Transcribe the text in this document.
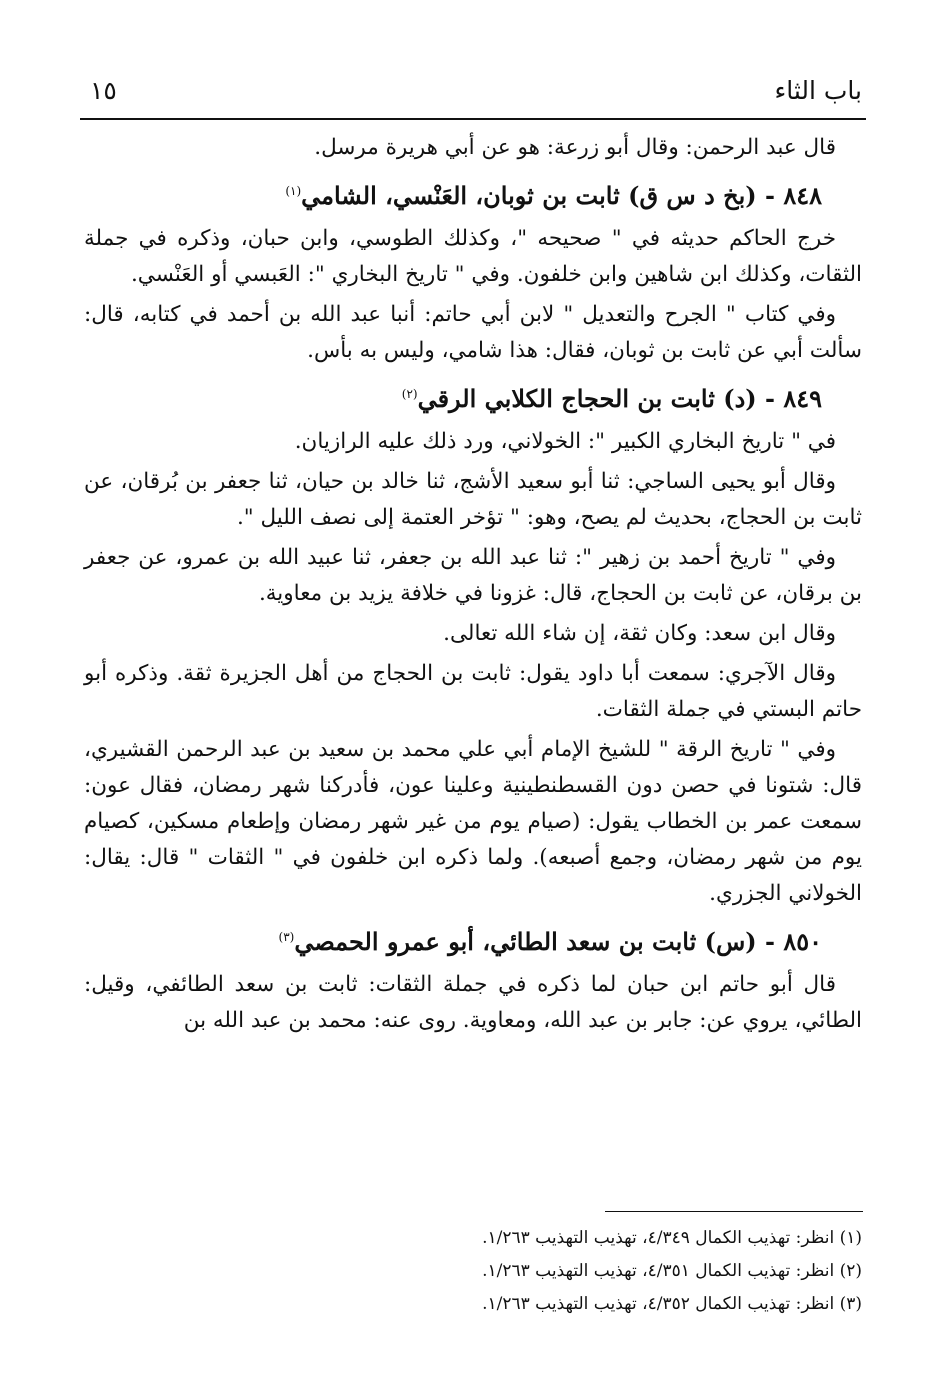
باب الثاء
١٥

قال عبد الرحمن: وقال أبو زرعة: هو عن أبي هريرة مرسل.

٨٤٨ - (بخ د س ق) ثابت بن ثوبان، العَنْسي، الشامي$^{(١)}$

خرج الحاكم حديثه في " صحيحه "، وكذلك الطوسي، وابن حبان، وذكره في جملة الثقات، وكذلك ابن شاهين وابن خلفون. وفي " تاريخ البخاري ": العَبسي أو العَنْسي.

وفي كتاب " الجرح والتعديل " لابن أبي حاتم: أنبا عبد الله بن أحمد في كتابه، قال: سألت أبي عن ثابت بن ثوبان، فقال: هذا شامي، وليس به بأس.

٨٤٩ - (د) ثابت بن الحجاج الكلابي الرقي$^{(٢)}$

في " تاريخ البخاري الكبير ": الخولاني، ورد ذلك عليه الرازيان.

وقال أبو يحيى الساجي: ثنا أبو سعيد الأشج، ثنا خالد بن حيان، ثنا جعفر بن بُرقان، عن ثابت بن الحجاج، بحديث لم يصح، وهو: " تؤخر العتمة إلى نصف الليل ".

وفي " تاريخ أحمد بن زهير ": ثنا عبد الله بن جعفر، ثنا عبيد الله بن عمرو، عن جعفر بن برقان، عن ثابت بن الحجاج، قال: غزونا في خلافة يزيد بن معاوية.

وقال ابن سعد: وكان ثقة، إن شاء الله تعالى.

وقال الآجري: سمعت أبا داود يقول: ثابت بن الحجاج من أهل الجزيرة ثقة. وذكره أبو حاتم البستي في جملة الثقات.

وفي " تاريخ الرقة " للشيخ الإمام أبي علي محمد بن سعيد بن عبد الرحمن القشيري، قال: شتونا في حصن دون القسطنطينية وعلينا عون، فأدركنا شهر رمضان، فقال عون: سمعت عمر بن الخطاب يقول: (صيام يوم من غير شهر رمضان وإطعام مسكين، كصيام يوم من شهر رمضان، وجمع أصبعه). ولما ذكره ابن خلفون في " الثقات " قال: يقال: الخولاني الجزري.

٨٥٠ - (س) ثابت بن سعد الطائي، أبو عمرو الحمصي$^{(٣)}$

قال أبو حاتم ابن حبان لما ذكره في جملة الثقات: ثابت بن سعد الطائفي، وقيل: الطائي، يروي عن: جابر بن عبد الله، ومعاوية. روى عنه: محمد بن عبد الله بن

(١) انظر: تهذيب الكمال ٤/٣٤٩، تهذيب التهذيب ١/٢٦٣.

(٢) انظر: تهذيب الكمال ٤/٣٥١، تهذيب التهذيب ١/٢٦٣.

(٣) انظر: تهذيب الكمال ٤/٣٥٢، تهذيب التهذيب ١/٢٦٣.
